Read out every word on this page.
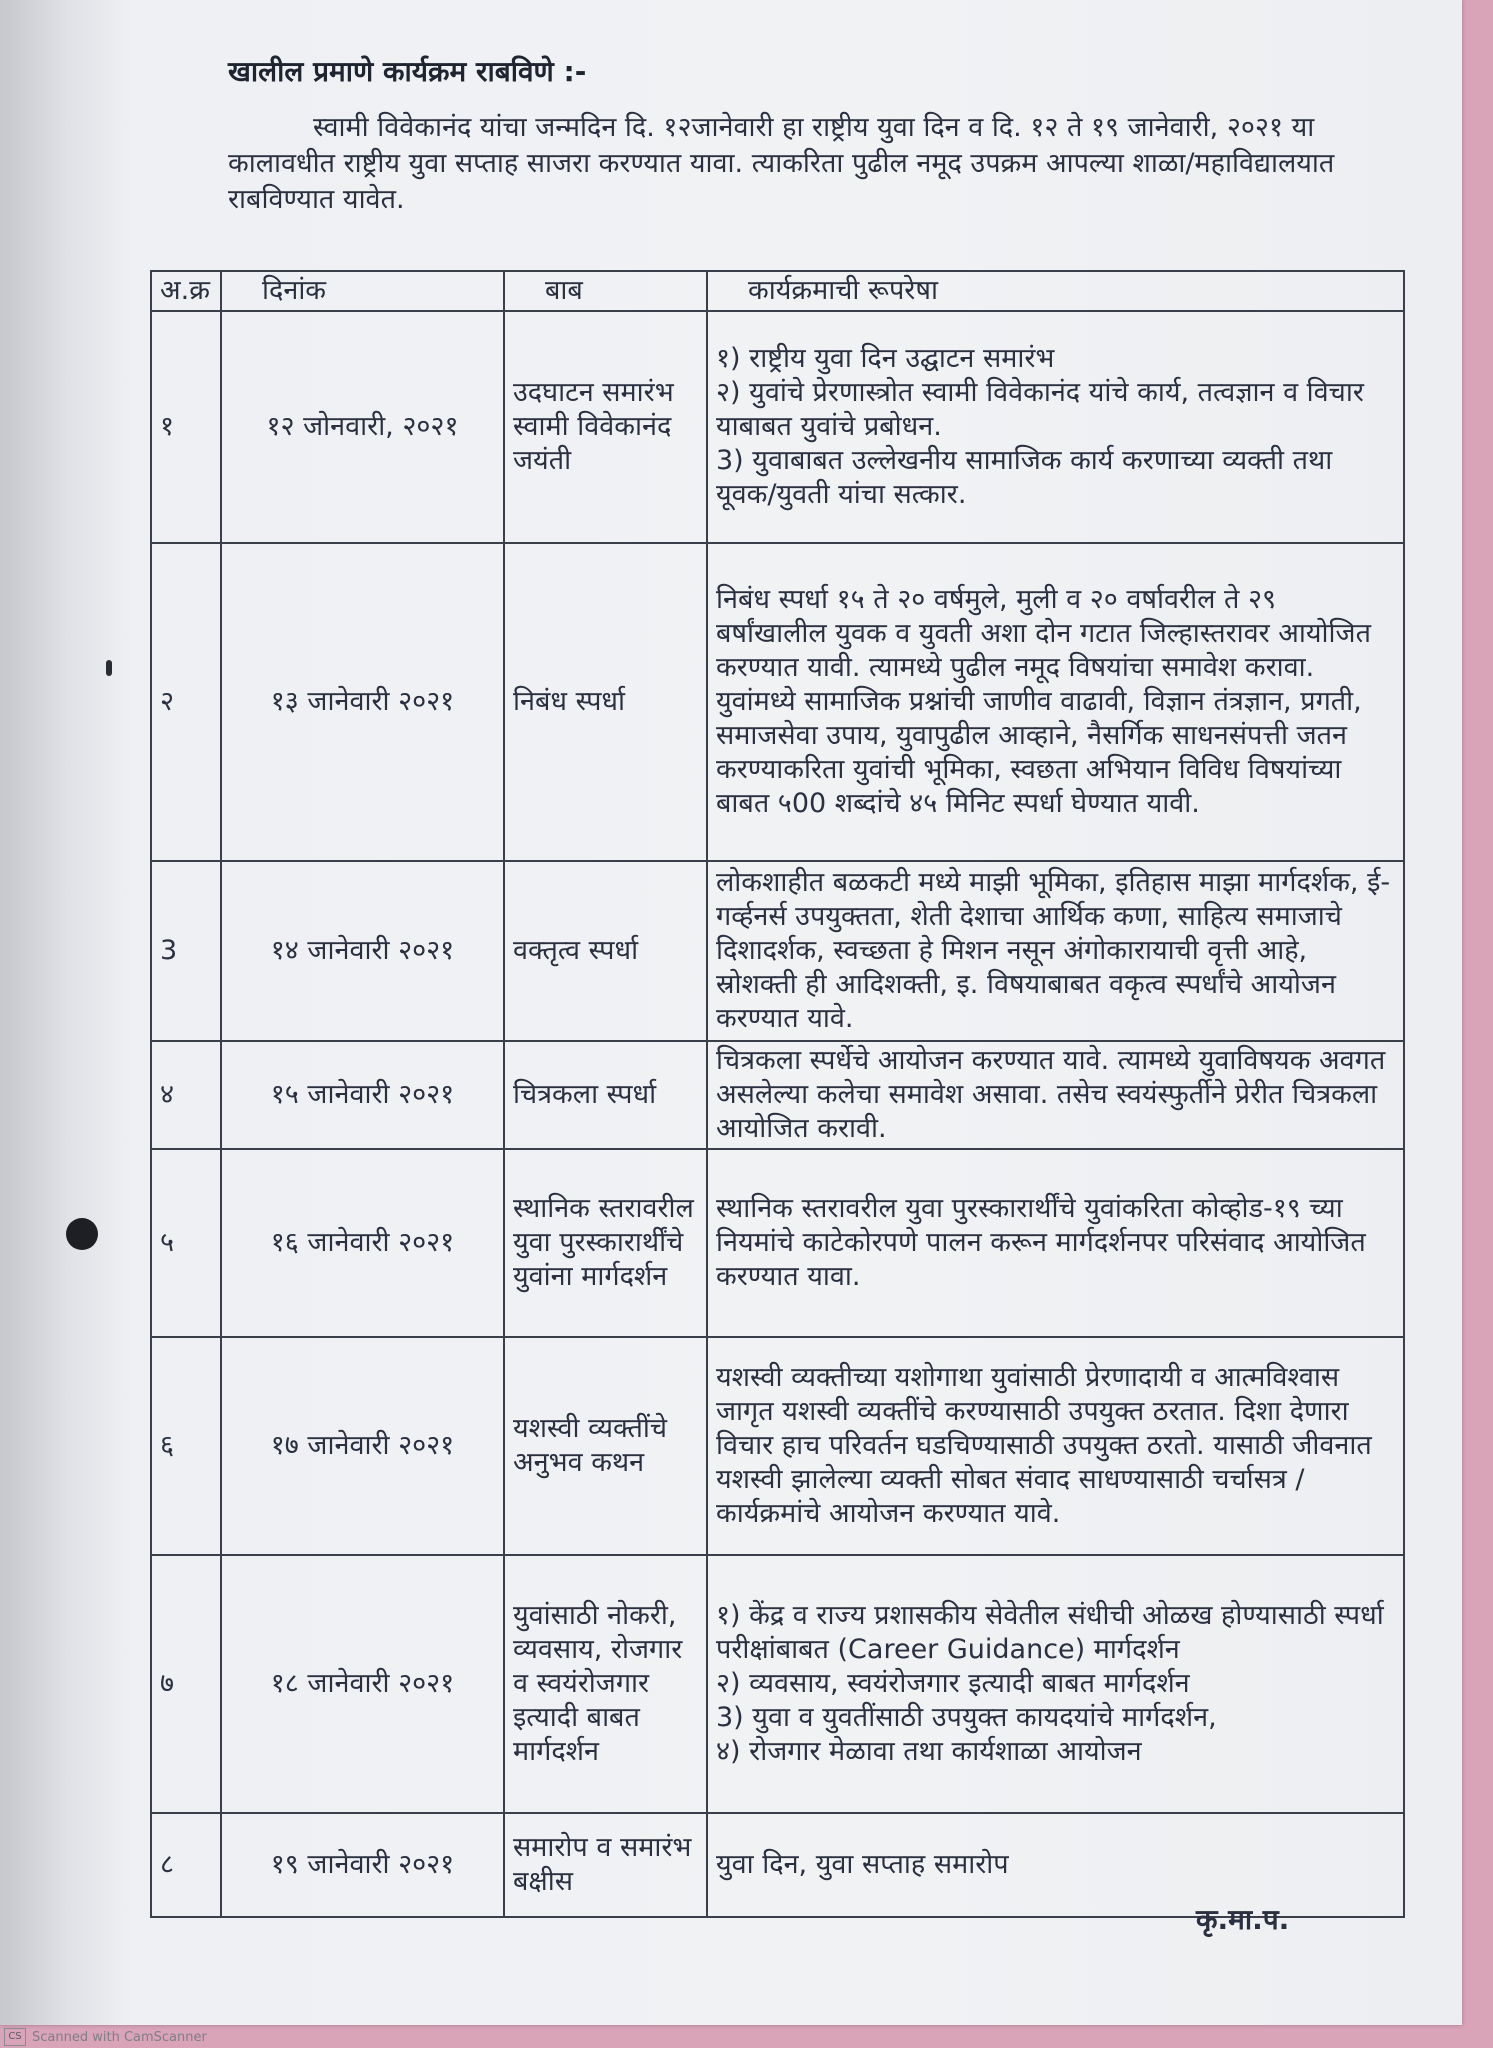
खालील प्रमाणे कार्यक्रम राबविणे :-
स्वामी विवेकानंद यांचा जन्मदिन दि. १२जानेवारी हा राष्ट्रीय युवा दिन व दि. १२ ते १९ जानेवारी, २०२१ या कालावधीत राष्ट्रीय युवा सप्ताह साजरा करण्यात यावा. त्याकरिता पुढील नमूद उपक्रम आपल्या शाळा/महाविद्यालयात राबविण्यात यावेत.
अ.क्र	दिनांक	बाब	कार्यक्रमाची रूपरेषा
१	१२ जोनवारी, २०२१	उदघाटन समारंभ स्वामी विवेकानंद जयंती	१) राष्ट्रीय युवा दिन उद्घाटन समारंभ
२) युवांचे प्रेरणास्त्रोत स्वामी विवेकानंद यांचे कार्य, तत्वज्ञान व विचार याबाबत युवांचे प्रबोधन.
3) युवाबाबत उल्लेखनीय सामाजिक कार्य करणाच्या व्यक्ती तथा यूवक/युवती यांचा सत्कार.

२	१३ जानेवारी २०२१	निबंध स्पर्धा	निबंध स्पर्धा १५ ते २० वर्षमुले, मुली व २० वर्षावरील ते २९ बर्षांखालील युवक व युवती अशा दोन गटात जिल्हास्तरावर आयोजित करण्यात यावी. त्यामध्ये पुढील नमूद विषयांचा समावेश करावा.
युवांमध्ये सामाजिक प्रश्नांची जाणीव वाढावी, विज्ञान तंत्रज्ञान, प्रगती, समाजसेवा उपाय, युवापुढील आव्हाने, नैसर्गिक साधनसंपत्ती जतन करण्याकरिता युवांची भूमिका, स्वछता अभियान विविध विषयांच्या बाबत ५00 शब्दांचे ४५ मिनिट स्पर्धा घेण्यात यावी.

3	१४ जानेवारी २०२१	वक्तृत्व स्पर्धा	लोकशाहीत बळकटी मध्ये माझी भूमिका, इतिहास माझा मार्गदर्शक, ई-गर्व्हनर्स उपयुक्तता, शेती देशाचा आर्थिक कणा, साहित्य समाजाचे दिशादर्शक, स्वच्छता हे मिशन नसून अंगोकारायाची वृत्ती आहे, स्रोशक्ती ही आदिशक्ती, इ. विषयाबाबत वकृत्व स्पर्धांचे आयोजन करण्यात यावे.

४	१५ जानेवारी २०२१	चित्रकला स्पर्धा	चित्रकला स्पर्धेचे आयोजन करण्यात यावे. त्यामध्ये युवाविषयक अवगत असलेल्या कलेचा समावेश असावा. तसेच स्वयंस्फुर्तीने प्रेरीत चित्रकला आयोजित करावी.

५	१६ जानेवारी २०२१	स्थानिक स्तरावरील युवा पुरस्कारार्थींचे युवांना मार्गदर्शन	स्थानिक स्तरावरील युवा पुरस्कारार्थींचे युवांकरिता कोव्होड-१९ च्या नियमांचे काटेकोरपणे पालन करून मार्गदर्शनपर परिसंवाद आयोजित करण्यात यावा.

६	१७ जानेवारी २०२१	यशस्वी व्यक्तींचे अनुभव कथन	यशस्वी व्यक्तीच्या यशोगाथा युवांसाठी प्रेरणादायी व आत्मविश्वास जागृत यशस्वी व्यक्तींचे करण्यासाठी उपयुक्त ठरतात. दिशा देणारा विचार हाच परिवर्तन घडचिण्यासाठी उपयुक्त ठरतो. यासाठी जीवनात यशस्वी झालेल्या व्यक्ती सोबत संवाद साधण्यासाठी चर्चासत्र /कार्यक्रमांचे आयोजन करण्यात यावे.

७	१८ जानेवारी २०२१	युवांसाठी नोकरी, व्यवसाय, रोजगार व स्वयंरोजगार इत्यादी बाबत मार्गदर्शन	१) केंद्र व राज्य प्रशासकीय सेवेतील संधीची ओळख होण्यासाठी स्पर्धा परीक्षांबाबत (Career Guidance) मार्गदर्शन
२) व्यवसाय, स्वयंरोजगार इत्यादी बाबत मार्गदर्शन
3) युवा व युवतींसाठी उपयुक्त कायदयांचे मार्गदर्शन,
४) रोजगार मेळावा तथा कार्यशाळा आयोजन

८	१९ जानेवारी २०२१	समारोप व समारंभ बक्षीस	युवा दिन, युवा सप्ताह समारोप
कृ.मा.प.
CS Scanned with CamScanner
